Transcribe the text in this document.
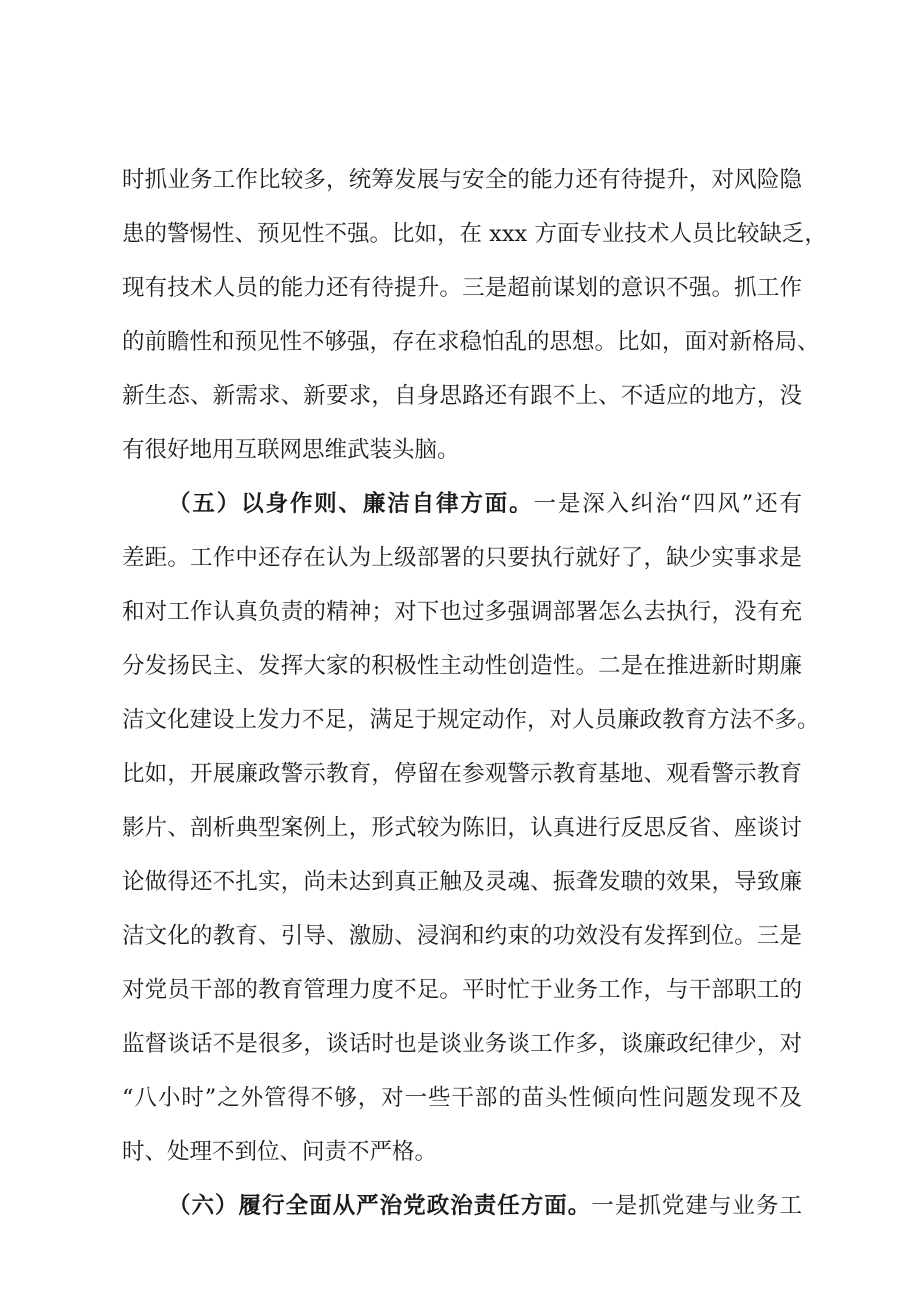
时抓业务工作比较多，统筹发展与安全的能力还有待提升，对风险隐
患的警惕性、预见性不强。比如，在 xxx 方面专业技术人员比较缺乏，
现有技术人员的能力还有待提升。三是超前谋划的意识不强。抓工作
的前瞻性和预见性不够强，存在求稳怕乱的思想。比如，面对新格局、
新生态、新需求、新要求，自身思路还有跟不上、不适应的地方，没
有很好地用互联网思维武装头脑。
（五）以身作则、廉洁自律方面。一是深入纠治“四风”还有
差距。工作中还存在认为上级部署的只要执行就好了，缺少实事求是
和对工作认真负责的精神；对下也过多强调部署怎么去执行，没有充
分发扬民主、发挥大家的积极性主动性创造性。二是在推进新时期廉
洁文化建设上发力不足，满足于规定动作，对人员廉政教育方法不多。
比如，开展廉政警示教育，停留在参观警示教育基地、观看警示教育
影片、剖析典型案例上，形式较为陈旧，认真进行反思反省、座谈讨
论做得还不扎实，尚未达到真正触及灵魂、振聋发聩的效果，导致廉
洁文化的教育、引导、激励、浸润和约束的功效没有发挥到位。三是
对党员干部的教育管理力度不足。平时忙于业务工作，与干部职工的
监督谈话不是很多，谈话时也是谈业务谈工作多，谈廉政纪律少，对
“八小时”之外管得不够，对一些干部的苗头性倾向性问题发现不及
时、处理不到位、问责不严格。
（六）履行全面从严治党政治责任方面。一是抓党建与业务工
